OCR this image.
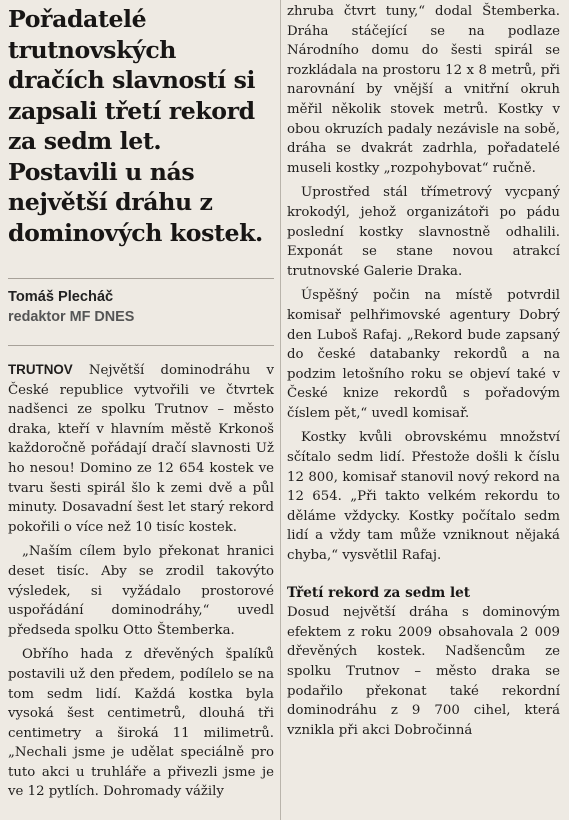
Pořadatelé trutnovských dračích slavností si zapsali třetí rekord za sedm let. Postavili u nás největší dráhu z dominových kostek.
Tomáš Plecháč
redaktor MF DNES

TRUTNOV Největší dominodráhu v České republice vytvořili ve čtvrtek nadšenci ze spolku Trutnov – město draka, kteří v hlavním městě Krkonoš každoročně pořádají dračí slavnosti Už ho nesou! Domino ze 12 654 kostek ve tvaru šesti spirál šlo k zemi dvě a půl minuty. Dosavadní šest let starý rekord pokořili o více než 10 tisíc kostek.

„Naším cílem bylo překonat hranici deset tisíc. Aby se zrodil takovýto výsledek, si vyžádalo prostorové uspořádání dominodráhy,“ uvedl předseda spolku Otto Štemberka.

Obřího hada z dřevěných špalíků postavili už den předem, podílelo se na tom sedm lidí. Každá kostka byla vysoká šest centimetrů, dlouhá tři centimetry a široká 11 milimetrů. „Nechali jsme je udělat speciálně pro tuto akci u truhláře a přivezli jsme je ve 12 pytlích. Dohromady vážily

zhruba čtvrt tuny,“ dodal Štemberka. Dráha stáčející se na podlaze Národního domu do šesti spirál se rozkládala na prostoru 12 x 8 metrů, při narovnání by vnější a vnitřní okruh měřil několik stovek metrů. Kostky v obou okruzích padaly nezávisle na sobě, dráha se dvakrát zadrhla, pořadatelé museli kostky „rozpohybovat“ ručně.

Uprostřed stál třímetrový vycpaný krokodýl, jehož organizátoři po pádu poslední kostky slavnostně odhalili. Exponát se stane novou atrakcí trutnovské Galerie Draka.

Úspěšný počin na místě potvrdil komisař pelhřimovské agentury Dobrý den Luboš Rafaj. „Rekord bude zapsaný do české databanky rekordů a na podzim letošního roku se objeví také v České knize rekordů s pořadovým číslem pět,“ uvedl komisař.

Kostky kvůli obrovskému množství sčítalo sedm lidí. Přestože došli k číslu 12 800, komisař stanovil nový rekord na 12 654. „Při takto velkém rekordu to děláme vždycky. Kostky počítalo sedm lidí a vždy tam může vzniknout nějaká chyba,“ vysvětlil Rafaj.

Třetí rekord za sedm let

Dosud největší dráha s dominovým efektem z roku 2009 obsahovala 2 009 dřevěných kostek. Nadšencům ze spolku Trutnov – město draka se podařilo překonat také rekordní dominodráhu z 9 700 cihel, která vznikla při akci Dobročinná
